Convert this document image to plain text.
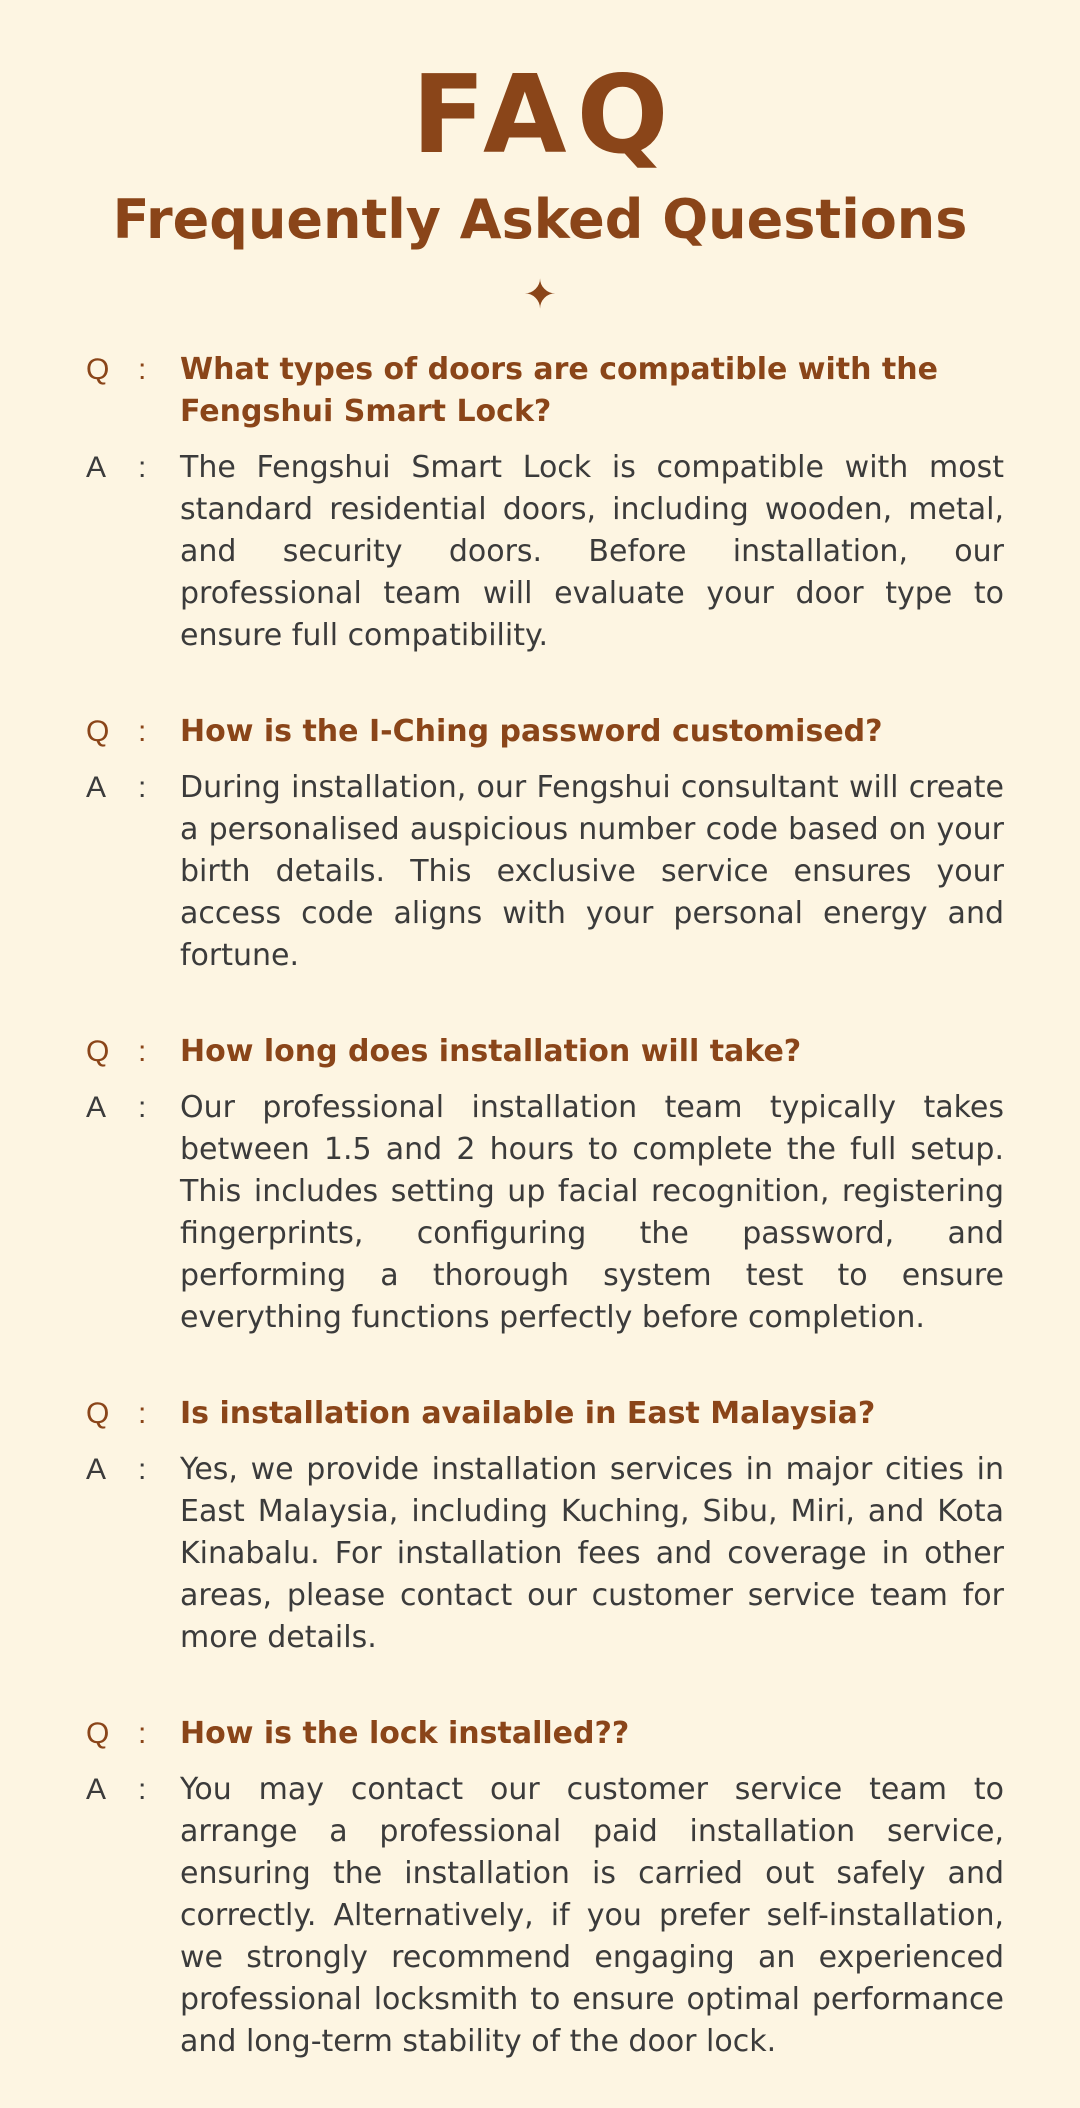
FAQ
Frequently Asked Questions
✦
Q :	What types of doors are compatible with the Fengshui Smart Lock?
A	:	The Fengshui Smart Lock is compatible with most standard residential doors, including wooden, metal, and security doors. Before installation, our professional team will evaluate your door type to ensure full compatibility.
Q :	How is the I-Ching password customised?
A	:	During installation, our Fengshui consultant will create a personalised auspicious number code based on your birth details. This exclusive service ensures your access code aligns with your personal energy and fortune.
Q :	How long does installation will take?
A	:	Our professional installation team typically takes between 1.5 and 2 hours to complete the full setup. This includes setting up facial recognition, registering fingerprints, configuring the password, and performing a thorough system test to ensure everything functions perfectly before completion.
Q :	Is installation available in East Malaysia?
A	:	Yes, we provide installation services in major cities in East Malaysia, including Kuching, Sibu, Miri, and Kota Kinabalu. For installation fees and coverage in other areas, please contact our customer service team for more details.
Q :	How is the lock installed??
A	:	You may contact our customer service team to arrange a professional paid installation service, ensuring the installation is carried out safely and correctly. Alternatively, if you prefer self-installation, we strongly recommend engaging an experienced professional locksmith to ensure optimal performance and long-term stability of the door lock.
